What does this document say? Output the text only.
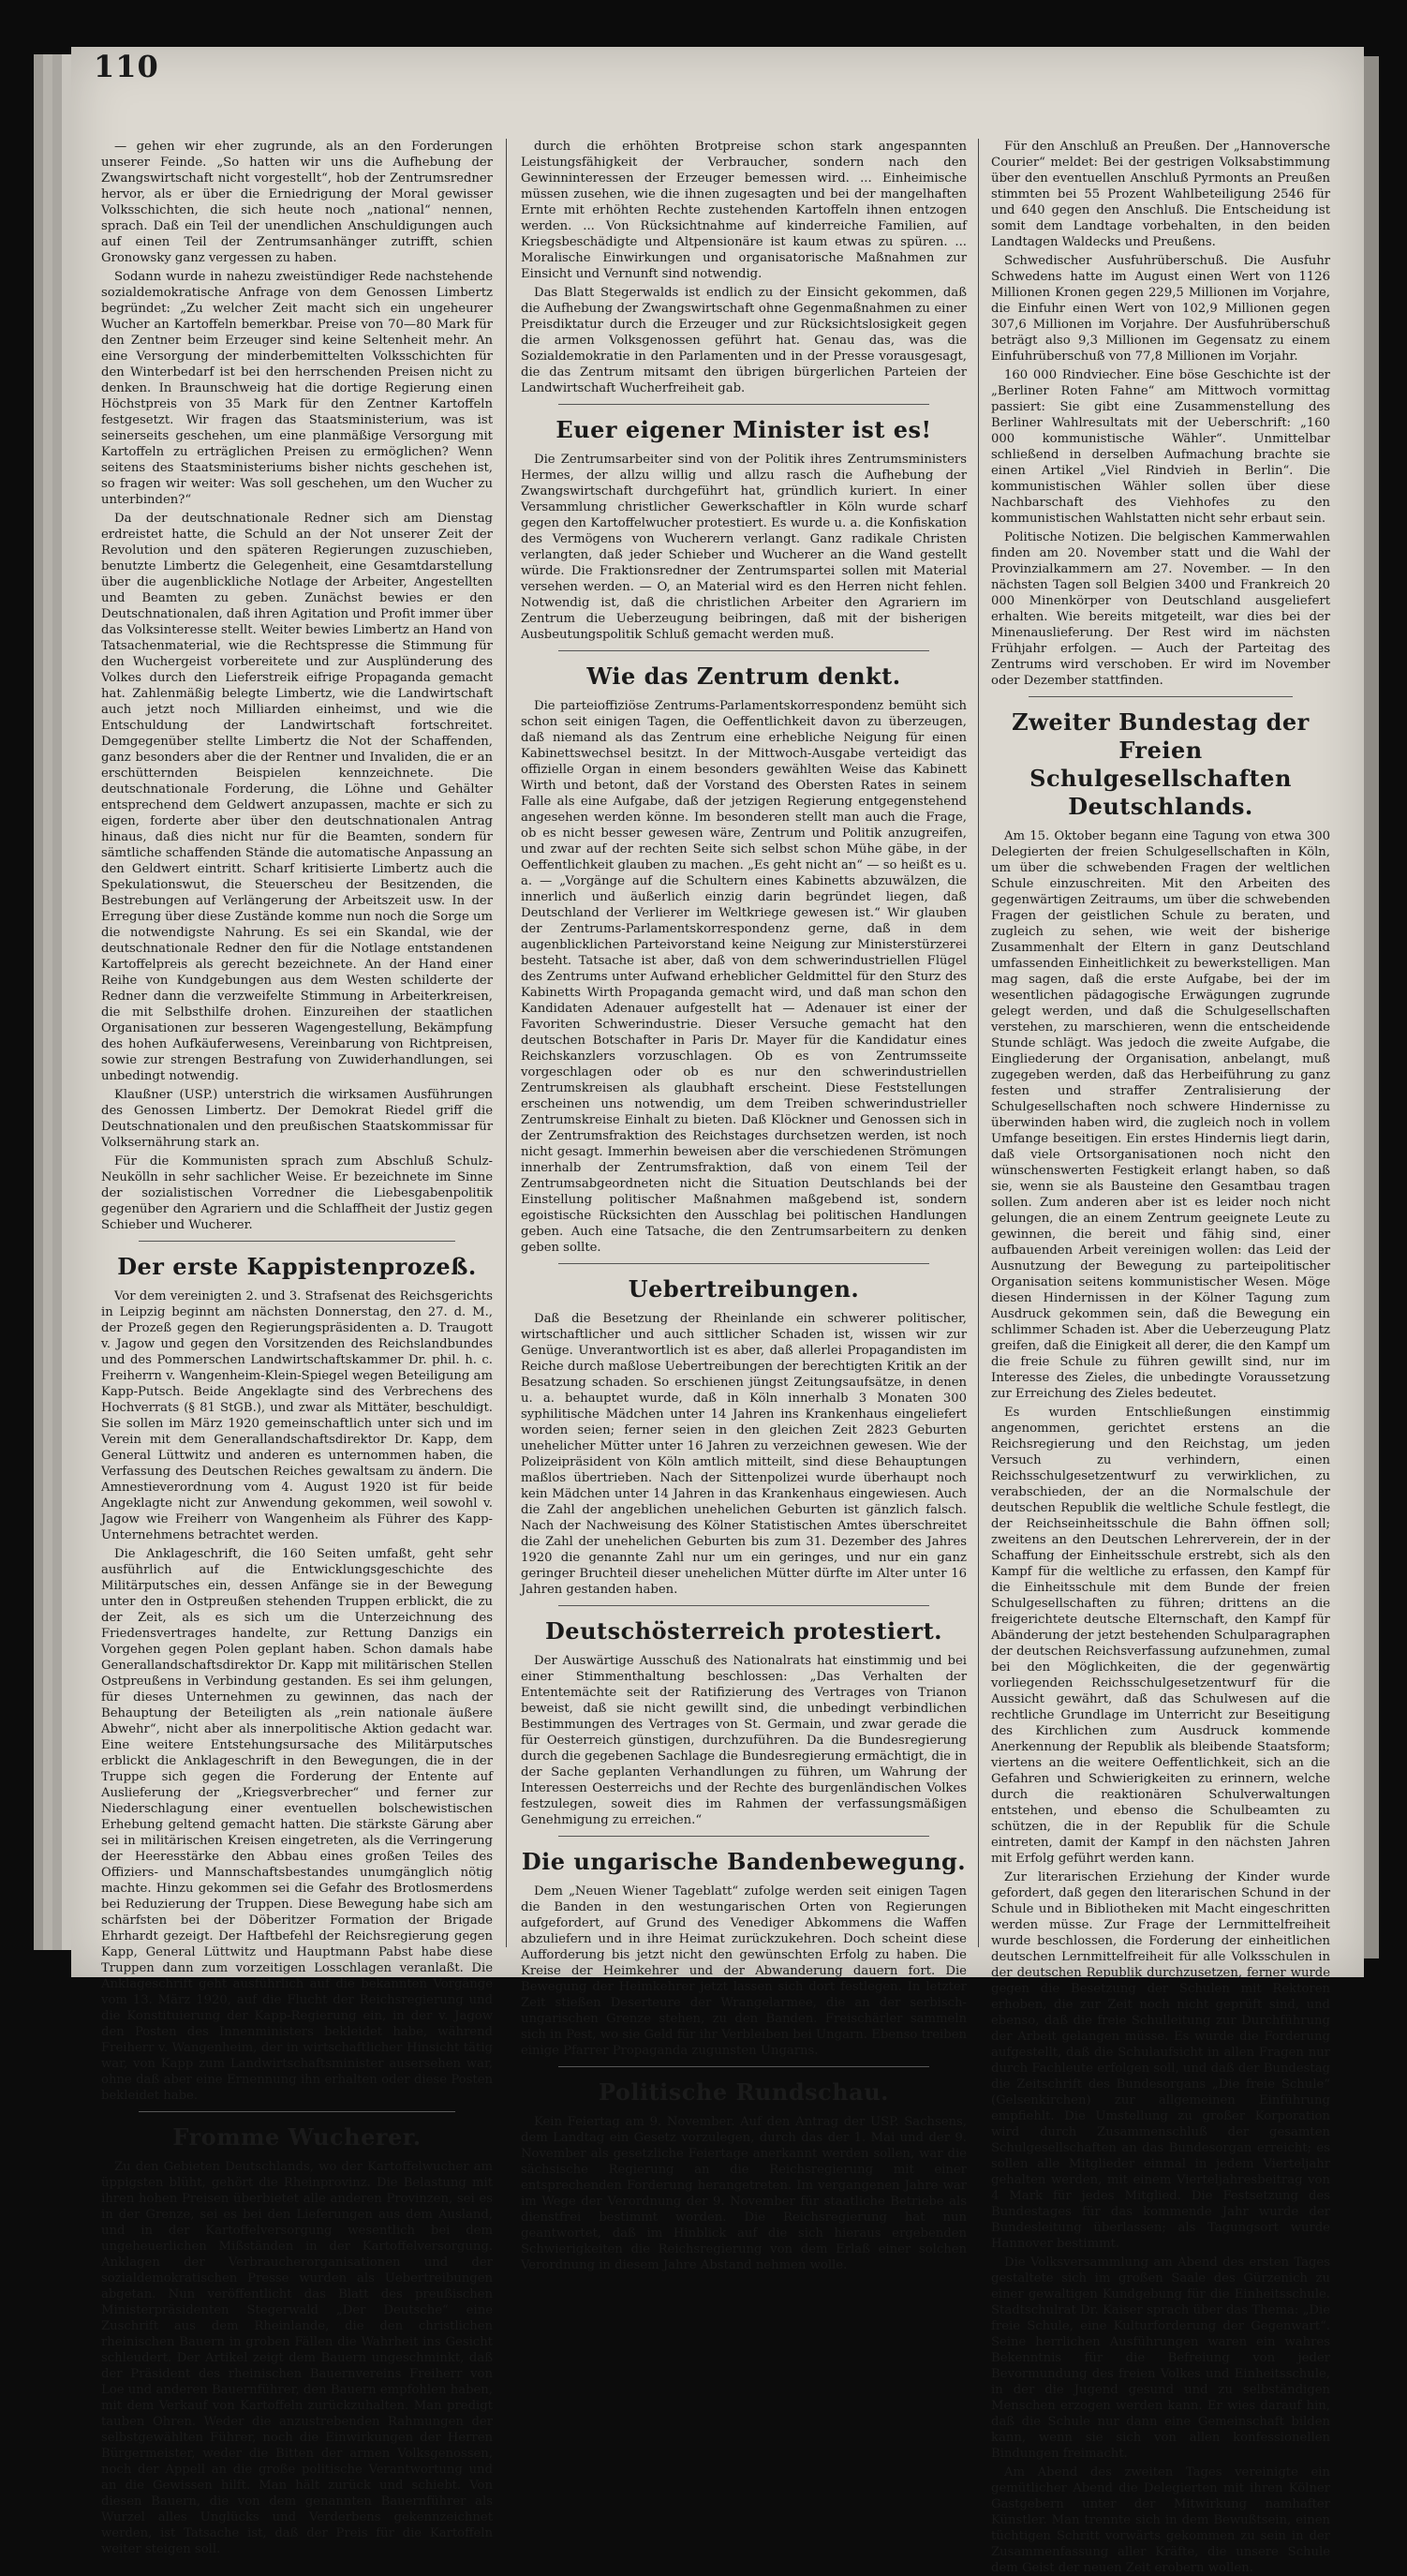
110

— gehen wir eher zugrunde, als an den Forderungen unserer Feinde. „So hatten wir uns die Aufhebung der Zwangswirtschaft nicht vorgestellt“, hob der Zentrumsredner hervor, als er über die Erniedrigung der Moral gewisser Volksschichten, die sich heute noch „national“ nennen, sprach. Daß ein Teil der unendlichen Anschuldigungen auch auf einen Teil der Zentrumsanhänger zutrifft, schien Gronowsky ganz vergessen zu haben.

Sodann wurde in nahezu zweistündiger Rede nachstehende sozialdemokratische Anfrage von dem Genossen Limbertz begründet: „Zu welcher Zeit macht sich ein ungeheurer Wucher an Kartoffeln bemerkbar. Preise von 70—80 Mark für den Zentner beim Erzeuger sind keine Seltenheit mehr. An eine Versorgung der minderbemittelten Volksschichten für den Winterbedarf ist bei den herrschenden Preisen nicht zu denken. In Braunschweig hat die dortige Regierung einen Höchstpreis von 35 Mark für den Zentner Kartoffeln festgesetzt. Wir fragen das Staatsministerium, was ist seinerseits geschehen, um eine planmäßige Versorgung mit Kartoffeln zu erträglichen Preisen zu ermöglichen? Wenn seitens des Staatsministeriums bisher nichts geschehen ist, so fragen wir weiter: Was soll geschehen, um den Wucher zu unterbinden?“

Da der deutschnationale Redner sich am Dienstag erdreistet hatte, die Schuld an der Not unserer Zeit der Revolution und den späteren Regierungen zuzuschieben, benutzte Limbertz die Gelegenheit, eine Gesamtdarstellung über die augenblickliche Notlage der Arbeiter, Angestellten und Beamten zu geben. Zunächst bewies er den Deutschnationalen, daß ihren Agitation und Profit immer über das Volksinteresse stellt. Weiter bewies Limbertz an Hand von Tatsachenmaterial, wie die Rechtspresse die Stimmung für den Wuchergeist vorbereitete und zur Ausplünderung des Volkes durch den Lieferstreik eifrige Propaganda gemacht hat. Zahlenmäßig belegte Limbertz, wie die Landwirtschaft auch jetzt noch Milliarden einheimst, und wie die Entschuldung der Landwirtschaft fortschreitet. Demgegenüber stellte Limbertz die Not der Schaffenden, ganz besonders aber die der Rentner und Invaliden, die er an erschütternden Beispielen kennzeichnete. Die deutschnationale Forderung, die Löhne und Gehälter entsprechend dem Geldwert anzupassen, machte er sich zu eigen, forderte aber über den deutschnationalen Antrag hinaus, daß dies nicht nur für die Beamten, sondern für sämtliche schaffenden Stände die automatische Anpassung an den Geldwert eintritt. Scharf kritisierte Limbertz auch die Spekulationswut, die Steuerscheu der Besitzenden, die Bestrebungen auf Verlängerung der Arbeitszeit usw. In der Erregung über diese Zustände komme nun noch die Sorge um die notwendigste Nahrung. Es sei ein Skandal, wie der deutschnationale Redner den für die Notlage entstandenen Kartoffelpreis als gerecht bezeichnete. An der Hand einer Reihe von Kundgebungen aus dem Westen schilderte der Redner dann die verzweifelte Stimmung in Arbeiterkreisen, die mit Selbsthilfe drohen. Einzureihen der staatlichen Organisationen zur besseren Wagengestellung, Bekämpfung des hohen Aufkäuferwesens, Vereinbarung von Richtpreisen, sowie zur strengen Bestrafung von Zuwiderhandlungen, sei unbedingt notwendig.

Klaußner (USP.) unterstrich die wirksamen Ausführungen des Genossen Limbertz. Der Demokrat Riedel griff die Deutschnationalen und den preußischen Staatskommissar für Volksernährung stark an.

Für die Kommunisten sprach zum Abschluß Schulz-Neukölln in sehr sachlicher Weise. Er bezeichnete im Sinne der sozialistischen Vorredner die Liebesgabenpolitik gegenüber den Agrariern und die Schlaffheit der Justiz gegen Schieber und Wucherer.

Der erste Kappistenprozeß.

Vor dem vereinigten 2. und 3. Strafsenat des Reichsgerichts in Leipzig beginnt am nächsten Donnerstag, den 27. d. M., der Prozeß gegen den Regierungspräsidenten a. D. Traugott v. Jagow und gegen den Vorsitzenden des Reichslandbundes und des Pommerschen Landwirtschaftskammer Dr. phil. h. c. Freiherrn v. Wangenheim-Klein-Spiegel wegen Beteiligung am Kapp-Putsch. Beide Angeklagte sind des Verbrechens des Hochverrats (§ 81 StGB.), und zwar als Mittäter, beschuldigt. Sie sollen im März 1920 gemeinschaftlich unter sich und im Verein mit dem Generallandschaftsdirektor Dr. Kapp, dem General Lüttwitz und anderen es unternommen haben, die Verfassung des Deutschen Reiches gewaltsam zu ändern. Die Amnestieverordnung vom 4. August 1920 ist für beide Angeklagte nicht zur Anwendung gekommen, weil sowohl v. Jagow wie Freiherr von Wangenheim als Führer des Kapp-Unternehmens betrachtet werden.

Die Anklageschrift, die 160 Seiten umfaßt, geht sehr ausführlich auf die Entwicklungsgeschichte des Militärputsches ein, dessen Anfänge sie in der Bewegung unter den in Ostpreußen stehenden Truppen erblickt, die zu der Zeit, als es sich um die Unterzeichnung des Friedensvertrages handelte, zur Rettung Danzigs ein Vorgehen gegen Polen geplant haben. Schon damals habe Generallandschaftsdirektor Dr. Kapp mit militärischen Stellen Ostpreußens in Verbindung gestanden. Es sei ihm gelungen, für dieses Unternehmen zu gewinnen, das nach der Behauptung der Beteiligten als „rein nationale äußere Abwehr“, nicht aber als innerpolitische Aktion gedacht war. Eine weitere Entstehungsursache des Militärputsches erblickt die Anklageschrift in den Bewegungen, die in der Truppe sich gegen die Forderung der Entente auf Auslieferung der „Kriegsverbrecher“ und ferner zur Niederschlagung einer eventuellen bolschewistischen Erhebung geltend gemacht hatten. Die stärkste Gärung aber sei in militärischen Kreisen eingetreten, als die Verringerung der Heeresstärke den Abbau eines großen Teiles des Offiziers- und Mannschaftsbestandes unumgänglich nötig machte. Hinzu gekommen sei die Gefahr des Brotlosmerdens bei Reduzierung der Truppen. Diese Bewegung habe sich am schärfsten bei der Döberitzer Formation der Brigade Ehrhardt gezeigt. Der Haftbefehl der Reichsregierung gegen Kapp, General Lüttwitz und Hauptmann Pabst habe diese Truppen dann zum vorzeitigen Losschlagen veranlaßt. Die Anklageschrift geht ausführlich auf die bekannten Vorgänge vom 13. März 1920, auf die Flucht der Reichsregierung und die Konstituierung der Kapp-Regierung ein, in der v. Jagow den Posten des Innenministers bekleidet habe, während Freiherr v. Wangenheim, der in wirtschaftlicher Hinsicht tätig war, von Kapp zum Landwirtschaftsminister ausersehen war, ohne daß aber eine Ernennung ihn erhalten oder diese Posten bekleidet habe.

Fromme Wucherer.

Zu den Gebieten Deutschlands, wo der Kartoffelwucher am üppigsten blüht, gehört die Rheinprovinz. Die Belastung mit ihren hohen Preisen überbietet alle anderen Provinzen, sei es in der Grenze, sei es bei den Lieferungen aus dem Ausland, und in der Kartoffelversorgung wesentlich bei dem ungeheuerlichen Mißständen in der Kartoffelversorgung. Anklagen der Verbraucherorganisationen und der sozialdemokratischen Presse wurden als Uebertreibungen abgetan. Nun veröffentlicht das Blatt des preußischen Ministerpräsidenten Stegerwald „Der Deutsche“ eine Zuschrift aus dem Rheinlande, die den christlichen rheinischen Bauern in groben Fällen die Wahrheit ins Gesicht schleudert. Der Artikel zeigt dem Bauern ungeschminkt, daß der Präsident des rheinischen Bauernvereins Freiherr von Loe und anderen Bauernführer, den Bauern empfohlen haben, mit dem Verkauf von Kartoffeln zurückzuhalten. Man predigt tauben Ohren. Weder die anzustrebenden Rahmungen der selbstgewählten Führer, noch die Einwirkungen der Herren Bürgermeister, weder die Bitten der armen Volksgenossen, noch der Appell an die große politische Verantwortung und an die Gewissen hilft. Man hält zurück und schiebt. Von diesen Bauern, die von dem genannten Bauernführer als Wurzel alles Unglücks und Verderbens gekennzeichnet werden, ist Tatsache ist, daß der Preis für die Kartoffeln weiter steigen soll.

durch die erhöhten Brotpreise schon stark angespannten Leistungsfähigkeit der Verbraucher, sondern nach den Gewinninteressen der Erzeuger bemessen wird. ... Einheimische müssen zusehen, wie die ihnen zugesagten und bei der mangelhaften Ernte mit erhöhten Rechte zustehenden Kartoffeln ihnen entzogen werden. ... Von Rücksichtnahme auf kinderreiche Familien, auf Kriegsbeschädigte und Altpensionäre ist kaum etwas zu spüren. ... Moralische Einwirkungen und organisatorische Maßnahmen zur Einsicht und Vernunft sind notwendig.

Das Blatt Stegerwalds ist endlich zu der Einsicht gekommen, daß die Aufhebung der Zwangswirtschaft ohne Gegenmaßnahmen zu einer Preisdiktatur durch die Erzeuger und zur Rücksichtslosigkeit gegen die armen Volksgenossen geführt hat. Genau das, was die Sozialdemokratie in den Parlamenten und in der Presse vorausgesagt, die das Zentrum mitsamt den übrigen bürgerlichen Parteien der Landwirtschaft Wucherfreiheit gab.

Euer eigener Minister ist es!

Die Zentrumsarbeiter sind von der Politik ihres Zentrumsministers Hermes, der allzu willig und allzu rasch die Aufhebung der Zwangswirtschaft durchgeführt hat, gründlich kuriert. In einer Versammlung christlicher Gewerkschaftler in Köln wurde scharf gegen den Kartoffelwucher protestiert. Es wurde u. a. die Konfiskation des Vermögens von Wucherern verlangt. Ganz radikale Christen verlangten, daß jeder Schieber und Wucherer an die Wand gestellt würde. Die Fraktionsredner der Zentrumspartei sollen mit Material versehen werden. — O, an Material wird es den Herren nicht fehlen. Notwendig ist, daß die christlichen Arbeiter den Agrariern im Zentrum die Ueberzeugung beibringen, daß mit der bisherigen Ausbeutungspolitik Schluß gemacht werden muß.

Wie das Zentrum denkt.

Die parteioffiziöse Zentrums-Parlamentskorrespondenz bemüht sich schon seit einigen Tagen, die Oeffentlichkeit davon zu überzeugen, daß niemand als das Zentrum eine erhebliche Neigung für einen Kabinettswechsel besitzt. In der Mittwoch-Ausgabe verteidigt das offizielle Organ in einem besonders gewählten Weise das Kabinett Wirth und betont, daß der Vorstand des Obersten Rates in seinem Falle als eine Aufgabe, daß der jetzigen Regierung entgegenstehend angesehen werden könne. Im besonderen stellt man auch die Frage, ob es nicht besser gewesen wäre, Zentrum und Politik anzugreifen, und zwar auf der rechten Seite sich selbst schon Mühe gäbe, in der Oeffentlichkeit glauben zu machen. „Es geht nicht an“ — so heißt es u. a. — „Vorgänge auf die Schultern eines Kabinetts abzuwälzen, die innerlich und äußerlich einzig darin begründet liegen, daß Deutschland der Verlierer im Weltkriege gewesen ist.“ Wir glauben der Zentrums-Parlamentskorrespondenz gerne, daß in dem augenblicklichen Parteivorstand keine Neigung zur Ministerstürzerei besteht. Tatsache ist aber, daß von dem schwerindustriellen Flügel des Zentrums unter Aufwand erheblicher Geldmittel für den Sturz des Kabinetts Wirth Propaganda gemacht wird, und daß man schon den Kandidaten Adenauer aufgestellt hat — Adenauer ist einer der Favoriten Schwerindustrie. Dieser Versuche gemacht hat den deutschen Botschafter in Paris Dr. Mayer für die Kandidatur eines Reichskanzlers vorzuschlagen. Ob es von Zentrumsseite vorgeschlagen oder ob es nur den schwerindustriellen Zentrumskreisen als glaubhaft erscheint. Diese Feststellungen erscheinen uns notwendig, um dem Treiben schwerindustrieller Zentrumskreise Einhalt zu bieten. Daß Klöckner und Genossen sich in der Zentrumsfraktion des Reichstages durchsetzen werden, ist noch nicht gesagt. Immerhin beweisen aber die verschiedenen Strömungen innerhalb der Zentrumsfraktion, daß von einem Teil der Zentrumsabgeordneten nicht die Situation Deutschlands bei der Einstellung politischer Maßnahmen maßgebend ist, sondern egoistische Rücksichten den Ausschlag bei politischen Handlungen geben. Auch eine Tatsache, die den Zentrumsarbeitern zu denken geben sollte.

Uebertreibungen.

Daß die Besetzung der Rheinlande ein schwerer politischer, wirtschaftlicher und auch sittlicher Schaden ist, wissen wir zur Genüge. Unverantwortlich ist es aber, daß allerlei Propagandisten im Reiche durch maßlose Uebertreibungen der berechtigten Kritik an der Besatzung schaden. So erschienen jüngst Zeitungsaufsätze, in denen u. a. behauptet wurde, daß in Köln innerhalb 3 Monaten 300 syphilitische Mädchen unter 14 Jahren ins Krankenhaus eingeliefert worden seien; ferner seien in den gleichen Zeit 2823 Geburten unehelicher Mütter unter 16 Jahren zu verzeichnen gewesen. Wie der Polizeipräsident von Köln amtlich mitteilt, sind diese Behauptungen maßlos übertrieben. Nach der Sittenpolizei wurde überhaupt noch kein Mädchen unter 14 Jahren in das Krankenhaus eingewiesen. Auch die Zahl der angeblichen unehelichen Geburten ist gänzlich falsch. Nach der Nachweisung des Kölner Statistischen Amtes überschreitet die Zahl der unehelichen Geburten bis zum 31. Dezember des Jahres 1920 die genannte Zahl nur um ein geringes, und nur ein ganz geringer Bruchteil dieser unehelichen Mütter dürfte im Alter unter 16 Jahren gestanden haben.

Deutschösterreich protestiert.

Der Auswärtige Ausschuß des Nationalrats hat einstimmig und bei einer Stimmenthaltung beschlossen: „Das Verhalten der Ententemächte seit der Ratifizierung des Vertrages von Trianon beweist, daß sie nicht gewillt sind, die unbedingt verbindlichen Bestimmungen des Vertrages von St. Germain, und zwar gerade die für Oesterreich günstigen, durchzuführen. Da die Bundesregierung durch die gegebenen Sachlage die Bundesregierung ermächtigt, die in der Sache geplanten Verhandlungen zu führen, um Wahrung der Interessen Oesterreichs und der Rechte des burgenländischen Volkes festzulegen, soweit dies im Rahmen der verfassungsmäßigen Genehmigung zu erreichen.“

Die ungarische Bandenbewegung.

Dem „Neuen Wiener Tageblatt“ zufolge werden seit einigen Tagen die Banden in den westungarischen Orten von Regierungen aufgefordert, auf Grund des Venediger Abkommens die Waffen abzuliefern und in ihre Heimat zurückzukehren. Doch scheint diese Aufforderung bis jetzt nicht den gewünschten Erfolg zu haben. Die Kreise der Heimkehrer und der Abwanderung dauern fort. Die Bewegung der Heimkehrer jetzt lassen sich dort festlegen. In letzter Zeit stießen Deserteure der Wrangelarmee, die an der serbisch-ungarischen Grenze stehen, zu den Banden. Freischärler sammeln sich in Pest, wo sie Geld für ihr Verbleiben bei Ungarn. Ebenso treiben einige Pfarrer Propaganda zugunsten Ungarns.

Politische Rundschau.

Kein Feiertag am 9. November. Auf den Antrag der USP. Sachsens, dem Landtag ein Gesetz vorzulegen, durch das der 1. Mai und der 9. November als gesetzliche Feiertage anerkannt werden sollen, war die sächsische Regierung an die Reichsregierung mit einer entsprechenden Forderung herangetreten. Im vergangenen Jahre war im Wege der Verordnung der 9. November für staatliche Betriebe als dienstfrei bestimmt worden. Die Reichsregierung hat nun geantwortet, daß im Hinblick auf die sich hieraus ergebenden Schwierigkeiten die Reichsregierung von dem Erlaß einer solchen Verordnung in diesem Jahre Abstand nehmen wolle.

Für den Anschluß an Preußen. Der „Hannoversche Courier“ meldet: Bei der gestrigen Volksabstimmung über den eventuellen Anschluß Pyrmonts an Preußen stimmten bei 55 Prozent Wahlbeteiligung 2546 für und 640 gegen den Anschluß. Die Entscheidung ist somit dem Landtage vorbehalten, in den beiden Landtagen Waldecks und Preußens.

Schwedischer Ausfuhrüberschuß. Die Ausfuhr Schwedens hatte im August einen Wert von 1126 Millionen Kronen gegen 229,5 Millionen im Vorjahre, die Einfuhr einen Wert von 102,9 Millionen gegen 307,6 Millionen im Vorjahre. Der Ausfuhrüberschuß beträgt also 9,3 Millionen im Gegensatz zu einem Einfuhrüberschuß von 77,8 Millionen im Vorjahr.

160 000 Rindviecher. Eine böse Geschichte ist der „Berliner Roten Fahne“ am Mittwoch vormittag passiert: Sie gibt eine Zusammenstellung des Berliner Wahlresultats mit der Ueberschrift: „160 000 kommunistische Wähler“. Unmittelbar schließend in derselben Aufmachung brachte sie einen Artikel „Viel Rindvieh in Berlin“. Die kommunistischen Wähler sollen über diese Nachbarschaft des Viehhofes zu den kommunistischen Wahlstatten nicht sehr erbaut sein.

Politische Notizen. Die belgischen Kammerwahlen finden am 20. November statt und die Wahl der Provinzialkammern am 27. November. — In den nächsten Tagen soll Belgien 3400 und Frankreich 20 000 Minenkörper von Deutschland ausgeliefert erhalten. Wie bereits mitgeteilt, war dies bei der Minenauslieferung. Der Rest wird im nächsten Frühjahr erfolgen. — Auch der Parteitag des Zentrums wird verschoben. Er wird im November oder Dezember stattfinden.

Zweiter Bundestag der Freien Schulgesellschaften Deutschlands.

Am 15. Oktober begann eine Tagung von etwa 300 Delegierten der freien Schulgesellschaften in Köln, um über die schwebenden Fragen der weltlichen Schule einzuschreiten. Mit den Arbeiten des gegenwärtigen Zeitraums, um über die schwebenden Fragen der geistlichen Schule zu beraten, und zugleich zu sehen, wie weit der bisherige Zusammenhalt der Eltern in ganz Deutschland umfassenden Einheitlichkeit zu bewerkstelligen. Man mag sagen, daß die erste Aufgabe, bei der im wesentlichen pädagogische Erwägungen zugrunde gelegt werden, und daß die Schulgesellschaften verstehen, zu marschieren, wenn die entscheidende Stunde schlägt. Was jedoch die zweite Aufgabe, die Eingliederung der Organisation, anbelangt, muß zugegeben werden, daß das Herbeiführung zu ganz festen und straffer Zentralisierung der Schulgesellschaften noch schwere Hindernisse zu überwinden haben wird, die zugleich noch in vollem Umfange beseitigen. Ein erstes Hindernis liegt darin, daß viele Ortsorganisationen noch nicht den wünschenswerten Festigkeit erlangt haben, so daß sie, wenn sie als Bausteine den Gesamtbau tragen sollen. Zum anderen aber ist es leider noch nicht gelungen, die an einem Zentrum geeignete Leute zu gewinnen, die bereit und fähig sind, einer aufbauenden Arbeit vereinigen wollen: das Leid der Ausnutzung der Bewegung zu parteipolitischer Organisation seitens kommunistischer Wesen. Möge diesen Hindernissen in der Kölner Tagung zum Ausdruck gekommen sein, daß die Bewegung ein schlimmer Schaden ist. Aber die Ueberzeugung Platz greifen, daß die Einigkeit all derer, die den Kampf um die freie Schule zu führen gewillt sind, nur im Interesse des Zieles, die unbedingte Voraussetzung zur Erreichung des Zieles bedeutet.

Es wurden Entschließungen einstimmig angenommen, gerichtet erstens an die Reichsregierung und den Reichstag, um jeden Versuch zu verhindern, einen Reichsschulgesetzentwurf zu verwirklichen, zu verabschieden, der an die Normalschule der deutschen Republik die weltliche Schule festlegt, die der Reichseinheitsschule die Bahn öffnen soll; zweitens an den Deutschen Lehrerverein, der in der Schaffung der Einheitsschule erstrebt, sich als den Kampf für die weltliche zu erfassen, den Kampf für die Einheitsschule mit dem Bunde der freien Schulgesellschaften zu führen; drittens an die freigerichtete deutsche Elternschaft, den Kampf für Abänderung der jetzt bestehenden Schulparagraphen der deutschen Reichsverfassung aufzunehmen, zumal bei den Möglichkeiten, die der gegenwärtig vorliegenden Reichsschulgesetzentwurf für die Aussicht gewährt, daß das Schulwesen auf die rechtliche Grundlage im Unterricht zur Beseitigung des Kirchlichen zum Ausdruck kommende Anerkennung der Republik als bleibende Staatsform; viertens an die weitere Oeffentlichkeit, sich an die Gefahren und Schwierigkeiten zu erinnern, welche durch die reaktionären Schulverwaltungen entstehen, und ebenso die Schulbeamten zu schützen, die in der Republik für die Schule eintreten, damit der Kampf in den nächsten Jahren mit Erfolg geführt werden kann.

Zur literarischen Erziehung der Kinder wurde gefordert, daß gegen den literarischen Schund in der Schule und in Bibliotheken mit Macht eingeschritten werden müsse. Zur Frage der Lernmittelfreiheit wurde beschlossen, die Forderung der einheitlichen deutschen Lernmittelfreiheit für alle Volksschulen in der deutschen Republik durchzusetzen, ferner wurde gegen die Besetzung der Schulen mit Rektoren erhoben, die zur Zeit noch nicht geprüft sind, und ebenso, daß die freie Schulleitung zur Durchführung der Arbeit gelangen müsse. Es wurde die Forderung aufgestellt, daß die Schulaufsicht in allen Fragen nur durch Fachleute erfolgen soll, und daß der Bundestag die Zeitschrift des Bundesorgans „Die freie Schule“ (Gelsenkirchen) zur allgemeinen Einführung empfiehlt. Die Umstellung zu großer Korporation wird durch Zusammenschluß der gesamten Schulgesellschaften an das Bundesorgan erreicht; es sollen alle Mitglieder einmal in jedem Vierteljahr gehalten werden, mit einem Vierteljahresbeitrag von 4 Mark für jedes Mitglied. Die Festsetzung des Bundestages für das kommende Jahr wurde der Bundesleitung überlassen; als Tagungsort wurde Hannover bestimmt.

Die Volksversammlung am Abend des ersten Tages gestaltete sich im großen Saale des Gürzenich zu einer gewaltigen Kundgebung für die Einheitsschule. Stadtschulrat Dr. Kaiser sprach über das Thema: „Die freie Schule, eine Kulturforderung der Gegenwart“. Seine herrlichen Ausführungen waren ein wahres Bekenntnis für die Befreiung von jeder Bevormundung des freien Volkes und Einheitsschule, in der die Jugend gesund und zu selbständigen Menschen erzogen werden kann. Er wies darauf hin, daß die Schule nur dann eine Gemeinschaft bilden kann, wenn sie sich von allen konfessionellen Bindungen freimacht.

Am Abend des zweiten Tages vereinigte ein gemütlicher Abend die Delegierten mit ihren Kölner Gastgebern unter der Mitwirkung namhafter Künstler. Man trennte sich in dem Bewußtsein, einen tüchtigen Schritt vorwärts gekommen zu sein in der Zusammenfassung aller Kräfte, die unsere Schule dem Geist der neuen Zeit erobern wollen.
